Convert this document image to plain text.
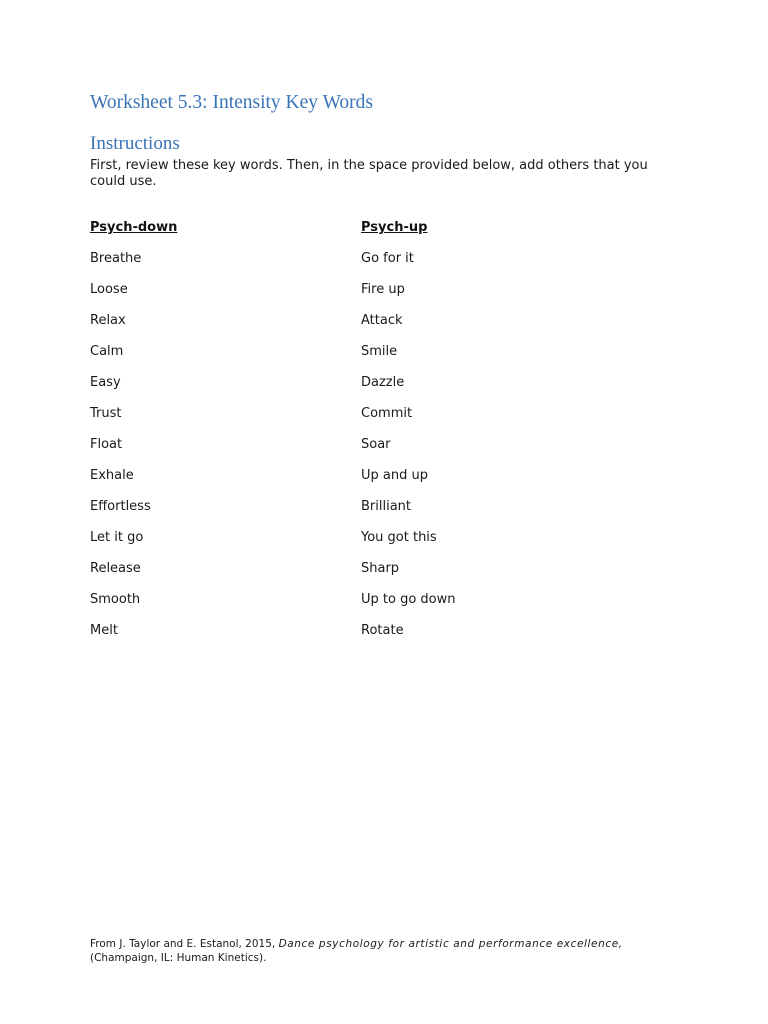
Worksheet 5.3: Intensity Key Words
Instructions
First, review these key words. Then, in the space provided below, add others that you could use.
Psych-down
Breathe
Loose
Relax
Calm
Easy
Trust
Float
Exhale
Effortless
Let it go
Release
Smooth
Melt
Psych-up
Go for it
Fire up
Attack
Smile
Dazzle
Commit
Soar
Up and up
Brilliant
You got this
Sharp
Up to go down
Rotate
From J. Taylor and E. Estanol, 2015, Dance psychology for artistic and performance excellence, (Champaign, IL: Human Kinetics).
